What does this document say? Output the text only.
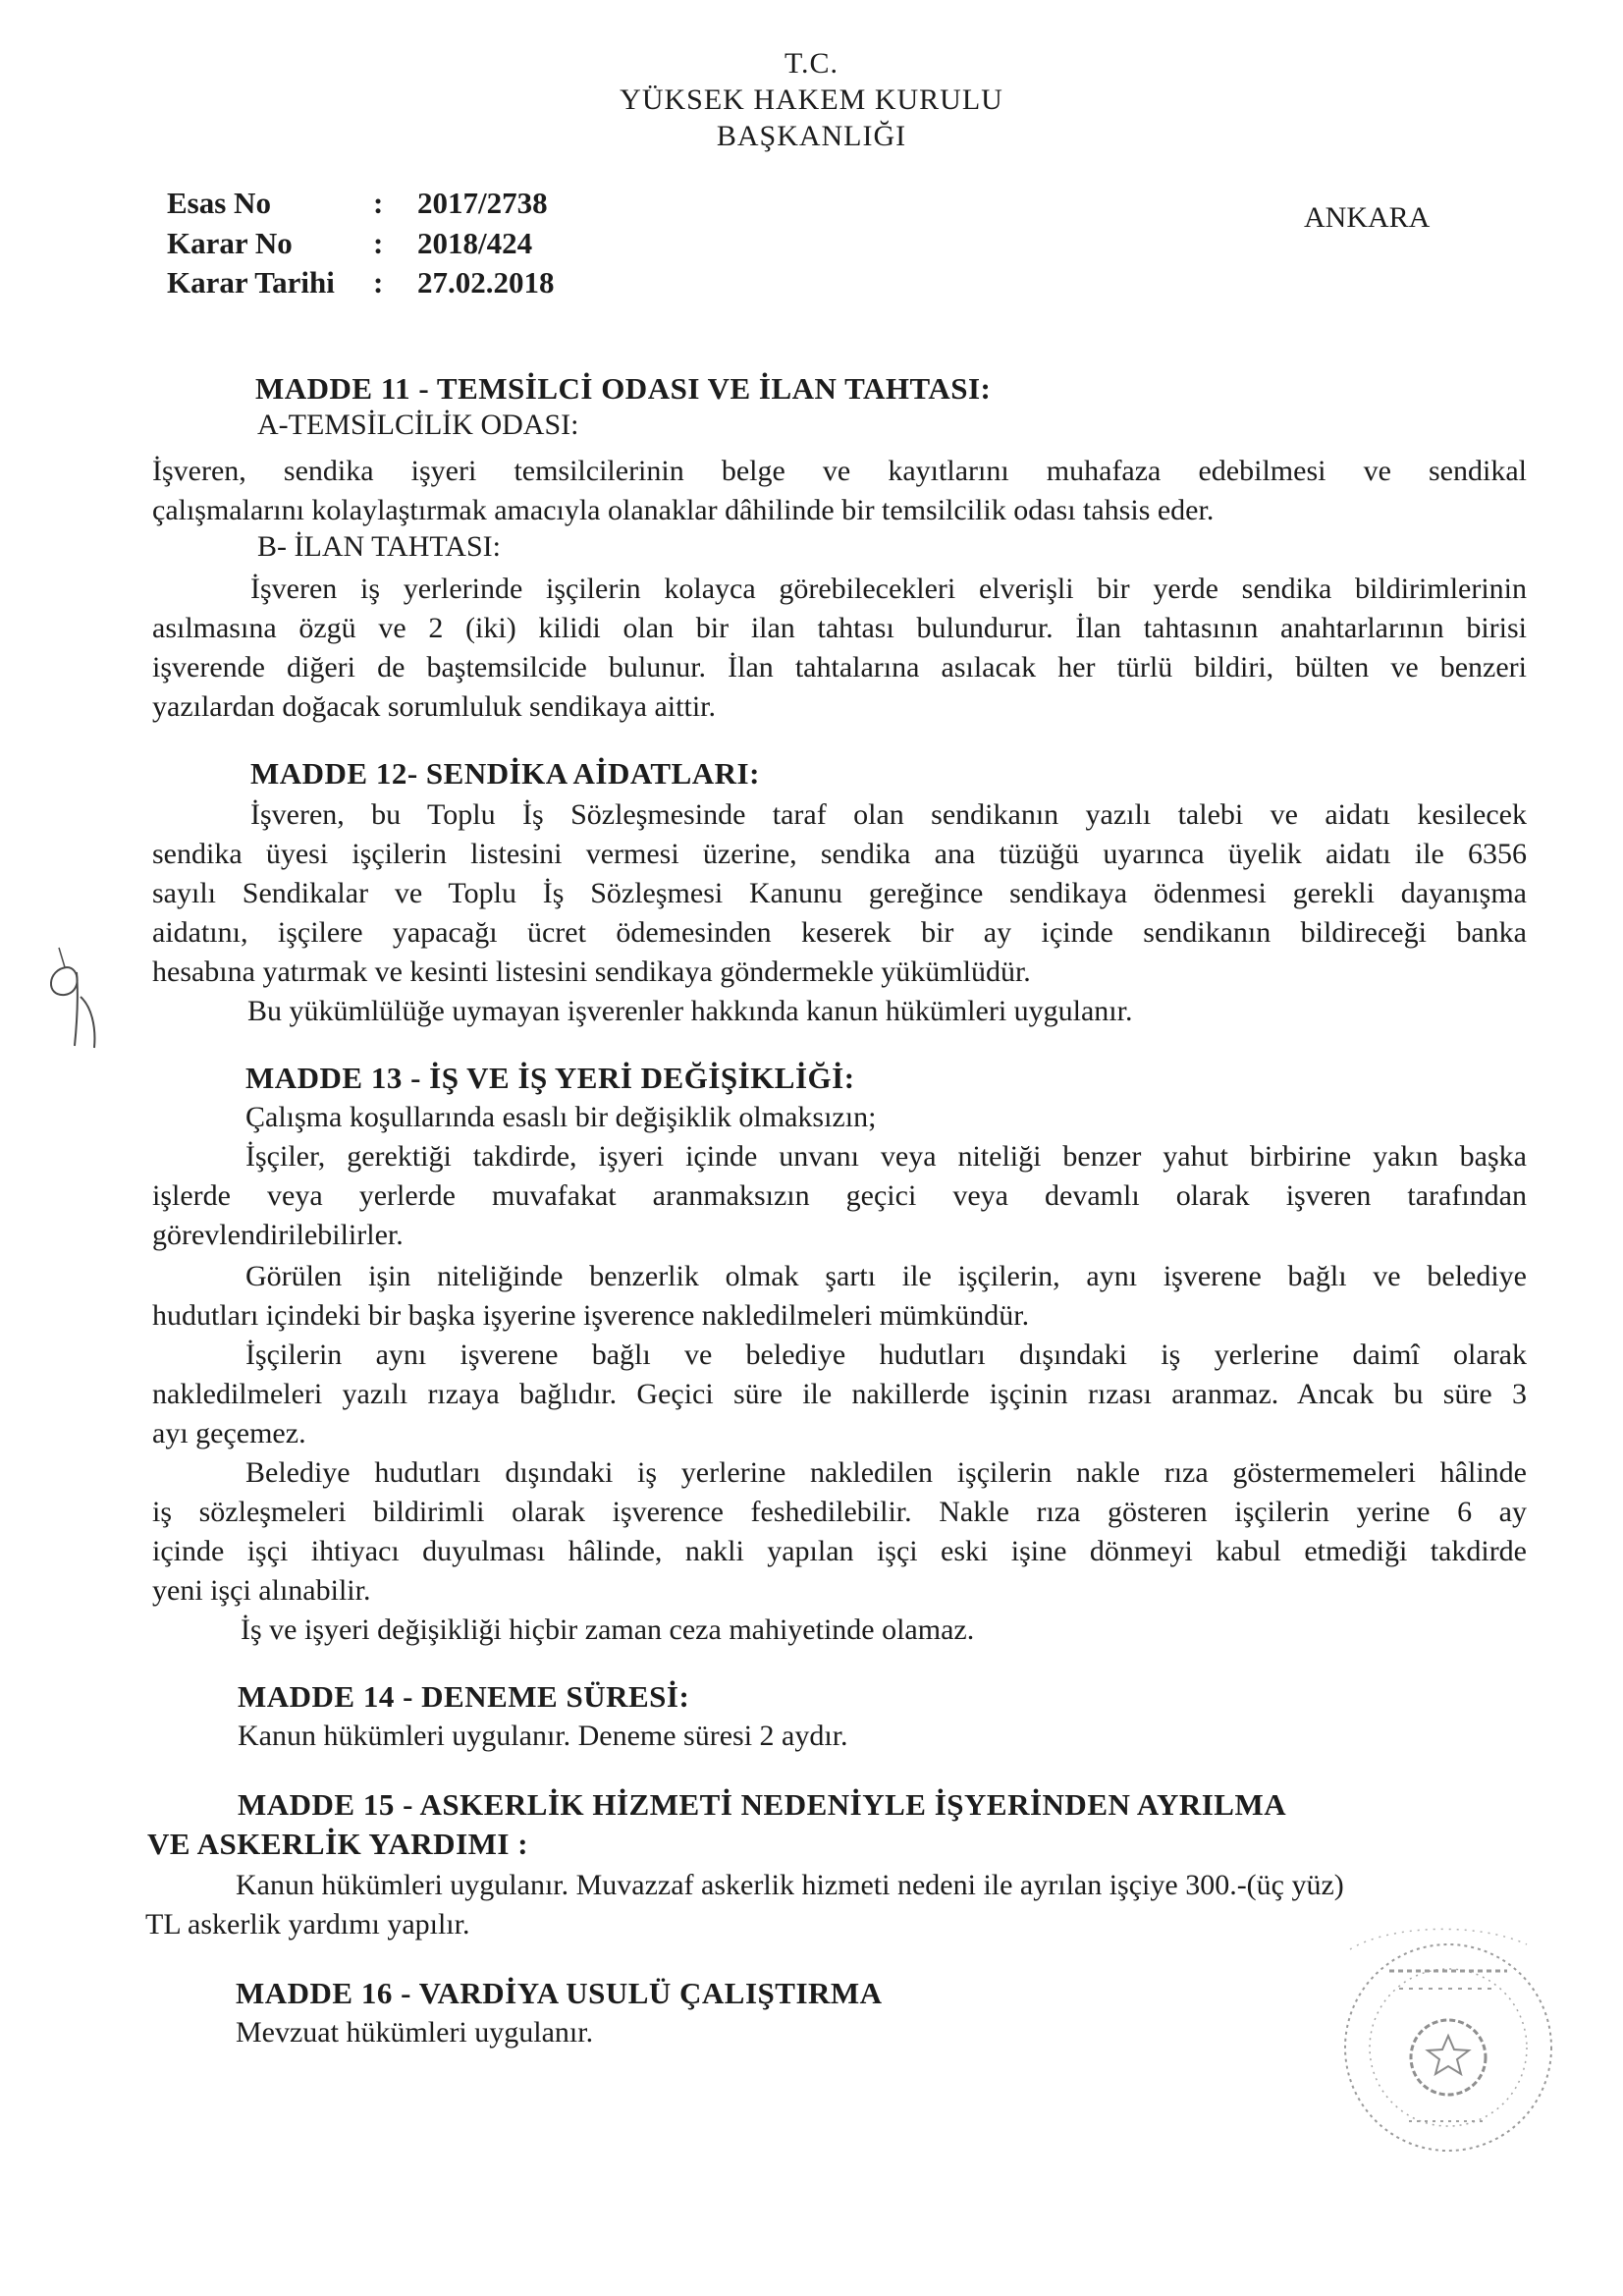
T.C.
YÜKSEK HAKEM KURULU
BAŞKANLIĞI
Esas No	:	2017/2738
Karar No	:	2018/424
Karar Tarihi	:	27.02.2018
ANKARA
MADDE 11 - TEMSİLCİ ODASI VE İLAN TAHTASI:
A-TEMSİLCİLİK ODASI:
İşveren, sendika işyeri temsilcilerinin belge ve kayıtlarını muhafaza edebilmesi ve sendikal
çalışmalarını kolaylaştırmak amacıyla olanaklar dâhilinde bir temsilcilik odası tahsis eder.
B- İLAN TAHTASI:
İşveren iş yerlerinde işçilerin kolayca görebilecekleri elverişli bir yerde sendika bildirimlerinin
asılmasına özgü ve 2 (iki) kilidi olan bir ilan tahtası bulundurur. İlan tahtasının anahtarlarının birisi
işverende diğeri de baştemsilcide bulunur. İlan tahtalarına asılacak her türlü bildiri, bülten ve benzeri
yazılardan doğacak sorumluluk sendikaya aittir.
MADDE 12- SENDİKA AİDATLARI:
İşveren, bu Toplu İş Sözleşmesinde taraf olan sendikanın yazılı talebi ve aidatı kesilecek
sendika üyesi işçilerin listesini vermesi üzerine, sendika ana tüzüğü uyarınca üyelik aidatı ile 6356
sayılı Sendikalar ve Toplu İş Sözleşmesi Kanunu gereğince sendikaya ödenmesi gerekli dayanışma
aidatını, işçilere yapacağı ücret ödemesinden keserek bir ay içinde sendikanın bildireceği banka
hesabına yatırmak ve kesinti listesini sendikaya göndermekle yükümlüdür.
Bu yükümlülüğe uymayan işverenler hakkında kanun hükümleri uygulanır.
MADDE 13 - İŞ VE İŞ YERİ DEĞİŞİKLİĞİ:
Çalışma koşullarında esaslı bir değişiklik olmaksızın;
İşçiler, gerektiği takdirde, işyeri içinde unvanı veya niteliği benzer yahut birbirine yakın başka
işlerde veya yerlerde muvafakat aranmaksızın geçici veya devamlı olarak işveren tarafından
görevlendirilebilirler.
Görülen işin niteliğinde benzerlik olmak şartı ile işçilerin, aynı işverene bağlı ve belediye
hudutları içindeki bir başka işyerine işverence nakledilmeleri mümkündür.
İşçilerin aynı işverene bağlı ve belediye hudutları dışındaki iş yerlerine daimî olarak
nakledilmeleri yazılı rızaya bağlıdır. Geçici süre ile nakillerde işçinin rızası aranmaz. Ancak bu süre 3
ayı geçemez.
Belediye hudutları dışındaki iş yerlerine nakledilen işçilerin nakle rıza göstermemeleri hâlinde
iş sözleşmeleri bildirimli olarak işverence feshedilebilir. Nakle rıza gösteren işçilerin yerine 6 ay
içinde işçi ihtiyacı duyulması hâlinde, nakli yapılan işçi eski işine dönmeyi kabul etmediği takdirde
yeni işçi alınabilir.
İş ve işyeri değişikliği hiçbir zaman ceza mahiyetinde olamaz.
MADDE 14 - DENEME SÜRESİ:
Kanun hükümleri uygulanır. Deneme süresi 2 aydır.
MADDE 15 - ASKERLİK HİZMETİ NEDENİYLE İŞYERİNDEN AYRILMA
VE ASKERLİK YARDIMI :
Kanun hükümleri uygulanır. Muvazzaf askerlik hizmeti nedeni ile ayrılan işçiye 300.-(üç yüz)
TL askerlik yardımı yapılır.
MADDE 16 - VARDİYA USULÜ ÇALIŞTIRMA
Mevzuat hükümleri uygulanır.
